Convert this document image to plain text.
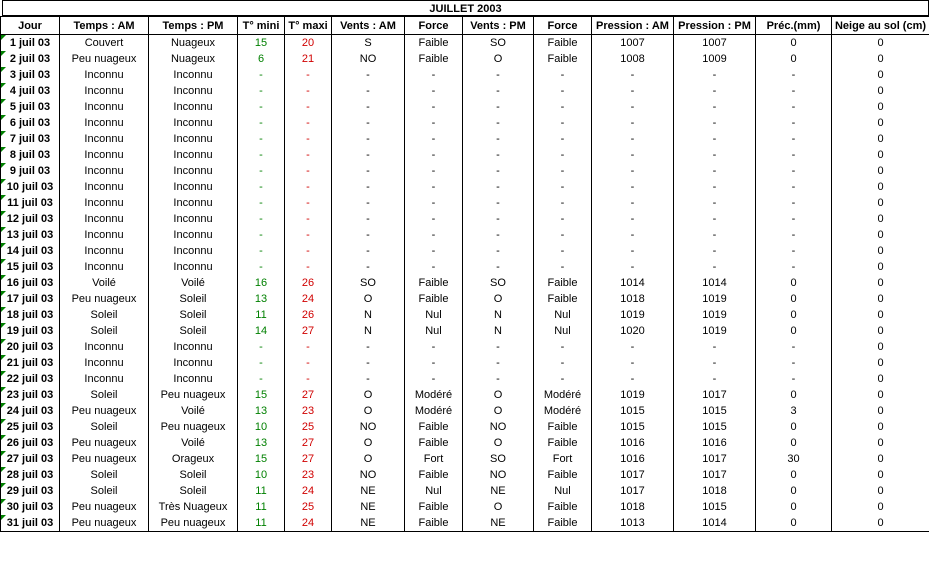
JUILLET 2003
Jour	Temps : AM	Temps : PM	T° mini	T° maxi	Vents : AM	Force	Vents : PM	Force	Pression : AM	Pression : PM	Préc.(mm)	Neige au sol (cm)
1 juil 03	Couvert	Nuageux	15	20	S	Faible	SO	Faible	1007	1007	0	0
2 juil 03	Peu nuageux	Nuageux	6	21	NO	Faible	O	Faible	1008	1009	0	0
3 juil 03	Inconnu	Inconnu	-	-	-	-	-	-	-	-	-	0
4 juil 03	Inconnu	Inconnu	-	-	-	-	-	-	-	-	-	0
5 juil 03	Inconnu	Inconnu	-	-	-	-	-	-	-	-	-	0
6 juil 03	Inconnu	Inconnu	-	-	-	-	-	-	-	-	-	0
7 juil 03	Inconnu	Inconnu	-	-	-	-	-	-	-	-	-	0
8 juil 03	Inconnu	Inconnu	-	-	-	-	-	-	-	-	-	0
9 juil 03	Inconnu	Inconnu	-	-	-	-	-	-	-	-	-	0
10 juil 03	Inconnu	Inconnu	-	-	-	-	-	-	-	-	-	0
11 juil 03	Inconnu	Inconnu	-	-	-	-	-	-	-	-	-	0
12 juil 03	Inconnu	Inconnu	-	-	-	-	-	-	-	-	-	0
13 juil 03	Inconnu	Inconnu	-	-	-	-	-	-	-	-	-	0
14 juil 03	Inconnu	Inconnu	-	-	-	-	-	-	-	-	-	0
15 juil 03	Inconnu	Inconnu	-	-	-	-	-	-	-	-	-	0
16 juil 03	Voilé	Voilé	16	26	SO	Faible	SO	Faible	1014	1014	0	0
17 juil 03	Peu nuageux	Soleil	13	24	O	Faible	O	Faible	1018	1019	0	0
18 juil 03	Soleil	Soleil	11	26	N	Nul	N	Nul	1019	1019	0	0
19 juil 03	Soleil	Soleil	14	27	N	Nul	N	Nul	1020	1019	0	0
20 juil 03	Inconnu	Inconnu	-	-	-	-	-	-	-	-	-	0
21 juil 03	Inconnu	Inconnu	-	-	-	-	-	-	-	-	-	0
22 juil 03	Inconnu	Inconnu	-	-	-	-	-	-	-	-	-	0
23 juil 03	Soleil	Peu nuageux	15	27	O	Modéré	O	Modéré	1019	1017	0	0
24 juil 03	Peu nuageux	Voilé	13	23	O	Modéré	O	Modéré	1015	1015	3	0
25 juil 03	Soleil	Peu nuageux	10	25	NO	Faible	NO	Faible	1015	1015	0	0
26 juil 03	Peu nuageux	Voilé	13	27	O	Faible	O	Faible	1016	1016	0	0
27 juil 03	Peu nuageux	Orageux	15	27	O	Fort	SO	Fort	1016	1017	30	0
28 juil 03	Soleil	Soleil	10	23	NO	Faible	NO	Faible	1017	1017	0	0
29 juil 03	Soleil	Soleil	11	24	NE	Nul	NE	Nul	1017	1018	0	0
30 juil 03	Peu nuageux	Très Nuageux	11	25	NE	Faible	O	Faible	1018	1015	0	0
31 juil 03	Peu nuageux	Peu nuageux	11	24	NE	Faible	NE	Faible	1013	1014	0	0
